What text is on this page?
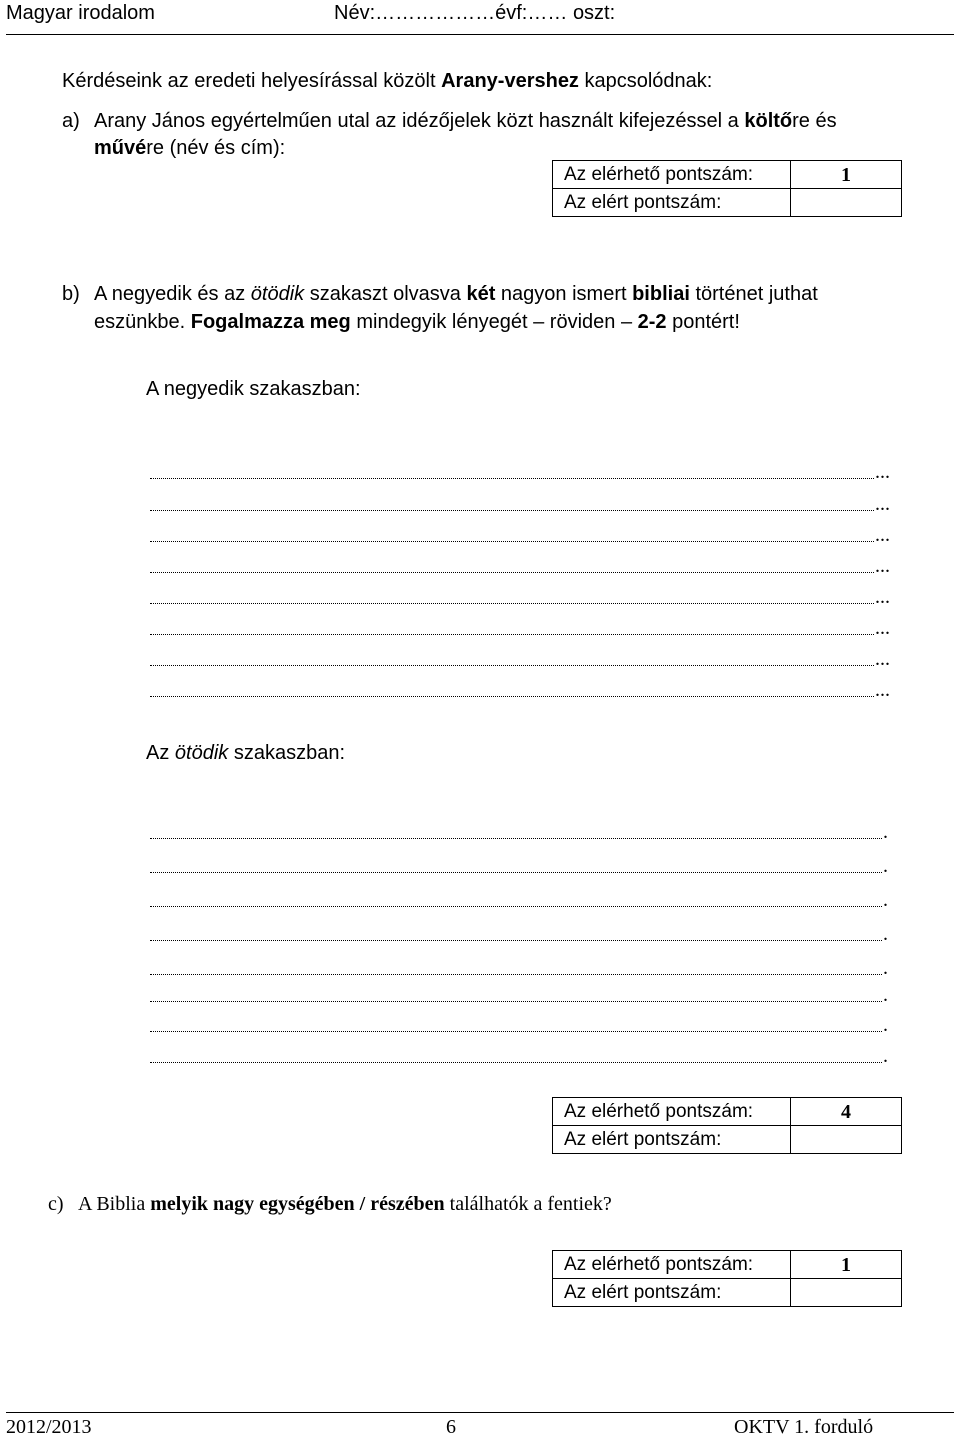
Magyar irodalom	Név:………………évf:…… oszt:
Kérdéseink az eredeti helyesírással közölt Arany-vershez kapcsolódnak:
a) Arany János egyértelműen utal az idézőjelek közt használt kifejezéssel a költőre és
művére (név és cím):
Az elérhető pontszám:	1
Az elért pontszám:	
b) A negyedik és az ötödik szakaszt olvasva két nagyon ismert bibliai történet juthat
eszünkbe. Fogalmazza meg mindegyik lényegét – röviden – 2-2 pontért!
A negyedik szakaszban:
...
...
...
...
...
...
...
...
Az ötödik szakaszban:
.
.
.
.
.
.
.
.
Az elérhető pontszám:	4
Az elért pontszám:	
c) A Biblia melyik nagy egységében / részében találhatók a fentiek?
Az elérhető pontszám:	1
Az elért pontszám:	
2012/2013	6	OKTV 1. forduló
